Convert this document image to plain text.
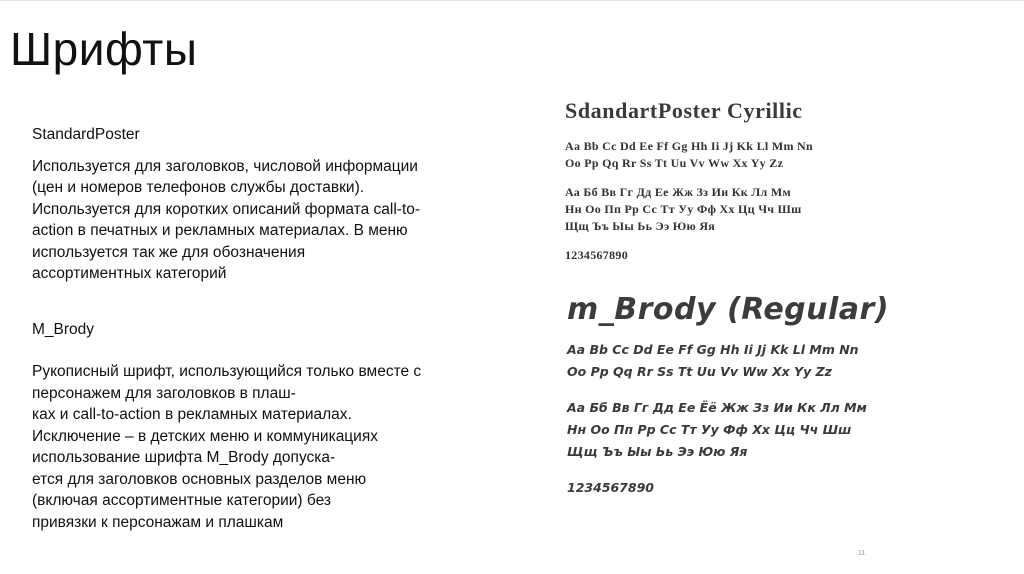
Шрифты

StandardPoster

Используется для заголовков, числовой информации
(цен и номеров телефонов службы доставки).
Используется для коротких описаний формата call-to-
action в печатных и рекламных материалах. В меню
используется так же для обозначения
ассортиментных категорий

M_Brody

Рукописный шрифт, использующийся только вместе с
персонажем для заголовков в плаш-
ках и call-to-action в рекламных материалах.
Исключение – в детских меню и коммуникациях
использование шрифта M_Brody допуска-
ется для заголовков основных разделов меню
(включая ассортиментные категории) без
привязки к персонажам и плашкам

SdandartPoster Cyrillic
Aa Bb Cc Dd Ee Ff Gg Hh Ii Jj Kk Ll Mm Nn
Oo Pp Qq Rr Ss Tt Uu Vv Ww Xx Yy Zz
Аа Бб Вв Гг Дд Ее Жж Зз Ии Кк Лл Мм
Нн Оо Пп Рр Сс Тт Уу Фф Хх Цц Чч Шш
Щщ Ъъ Ыы Ьь Ээ Юю Яя
1234567890
m_Brody (Regular)
Aa Bb Cc Dd Ee Ff Gg Hh Ii Jj Kk Ll Mm Nn
Oo Pp Qq Rr Ss Tt Uu Vv Ww Xx Yy Zz
Аа Бб Вв Гг Дд Ее Ёё Жж Зз Ии Кк Лл Мм
Нн Оо Пп Рр Сс Тт Уу Фф Хх Цц Чч Шш
Щщ Ъъ Ыы Ьь Ээ Юю Яя
1234567890
11
